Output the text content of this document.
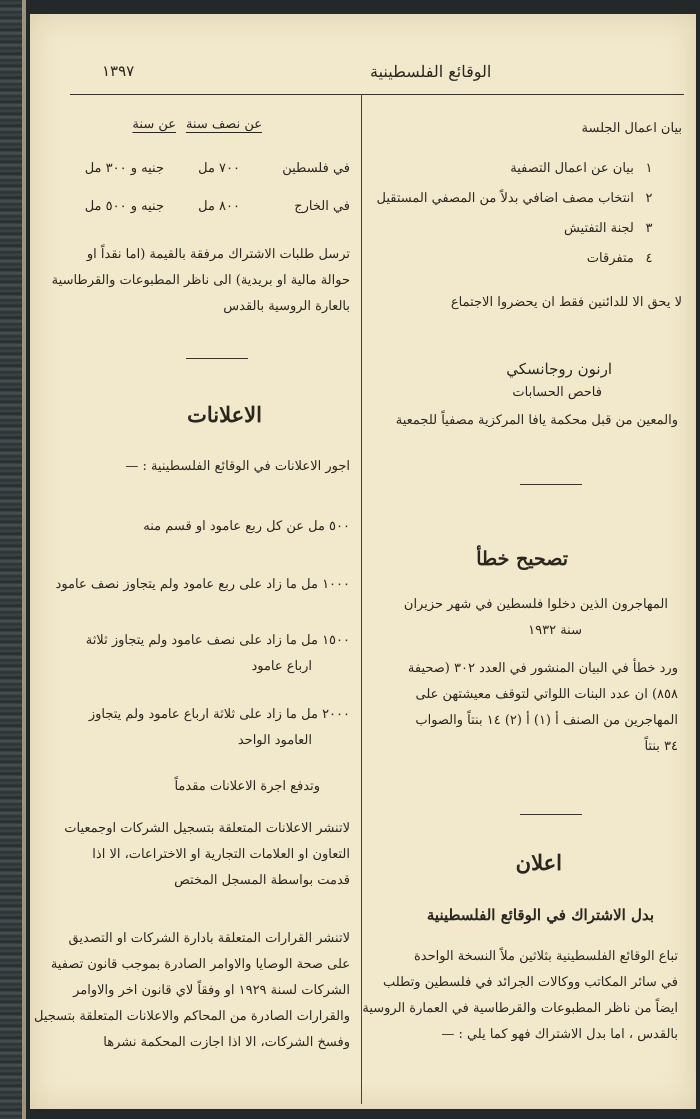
١٣٩٧	الوقائع الفلسطينية
بيان اعمال الجلسة
١ بيان عن اعمال التصفية
٢ انتخاب مصف اضافي بدلاً من المصفي المستقيل
٣ لجنة التفتيش
٤ متفرقات
لا يحق الا للدائنين فقط ان يحضروا الاجتماع
ارنون روجانسكي
فاحص الحسابات
والمعين من قبل محكمة يافا المركزية مصفياً للجمعية
تصحيح خطأ
المهاجرون الذين دخلوا فلسطين في شهر حزيران
سنة ١٩٣٢
ورد خطأ في البيان المنشور في العدد ٣٠٢ (صحيفة
٨٥٨) ان عدد البنات اللواتي لتوقف معيشتهن على
المهاجرين من الصنف أ (١) أ (٢) ١٤ بنتاً والصواب
٣٤ بنتاً
اعلان
بدل الاشتراك في الوقائع الفلسطينية
تباع الوقائع الفلسطينية بثلاثين ملاً النسخة الواحدة
في سائر المكاتب ووكالات الجرائد في فلسطين وتطلب
ايضاً من ناظر المطبوعات والقرطاسية في العمارة الروسية
بالقدس ، اما بدل الاشتراك فهو كما يلي : —
عن نصف سنة
عن سنة
في فلسطين
٧٠٠ مل
جنيه و ٣٠٠ مل
في الخارج
٨٠٠ مل
جنيه و ٥٠٠ مل
ترسل طلبات الاشتراك مرفقة بالقيمة (اما نقداً او
حوالة مالية او بريدية) الى ناظر المطبوعات والقرطاسية
بالعارة الروسية بالقدس
الاعلانات
اجور الاعلانات في الوقائع الفلسطينية : —
٥٠٠ مل عن كل ربع عامود او قسم منه
١٠٠٠ مل ما زاد على ربع عامود ولم يتجاوز نصف عامود
١٥٠٠ مل ما زاد على نصف عامود ولم يتجاوز ثلاثة
ارباع عامود
٢٠٠٠ مل ما زاد على ثلاثة ارباع عامود ولم يتجاوز
العامود الواحد
وتدفع اجرة الاعلانات مقدماً
لاتنشر الاعلانات المتعلقة بتسجيل الشركات اوجمعيات
التعاون او العلامات التجارية او الاختراعات، الا اذا
قدمت بواسطة المسجل المختص
لاتنشر القرارات المتعلقة بادارة الشركات او التصديق
على صحة الوصايا والاوامر الصادرة بموجب قانون تصفية
الشركات لسنة ١٩٢٩ او وفقاً لاي قانون اخر والاوامر
والقرارات الصادرة من المحاكم والاعلانات المتعلقة بتسجيل
وفسخ الشركات، الا اذا اجازت المحكمة نشرها
